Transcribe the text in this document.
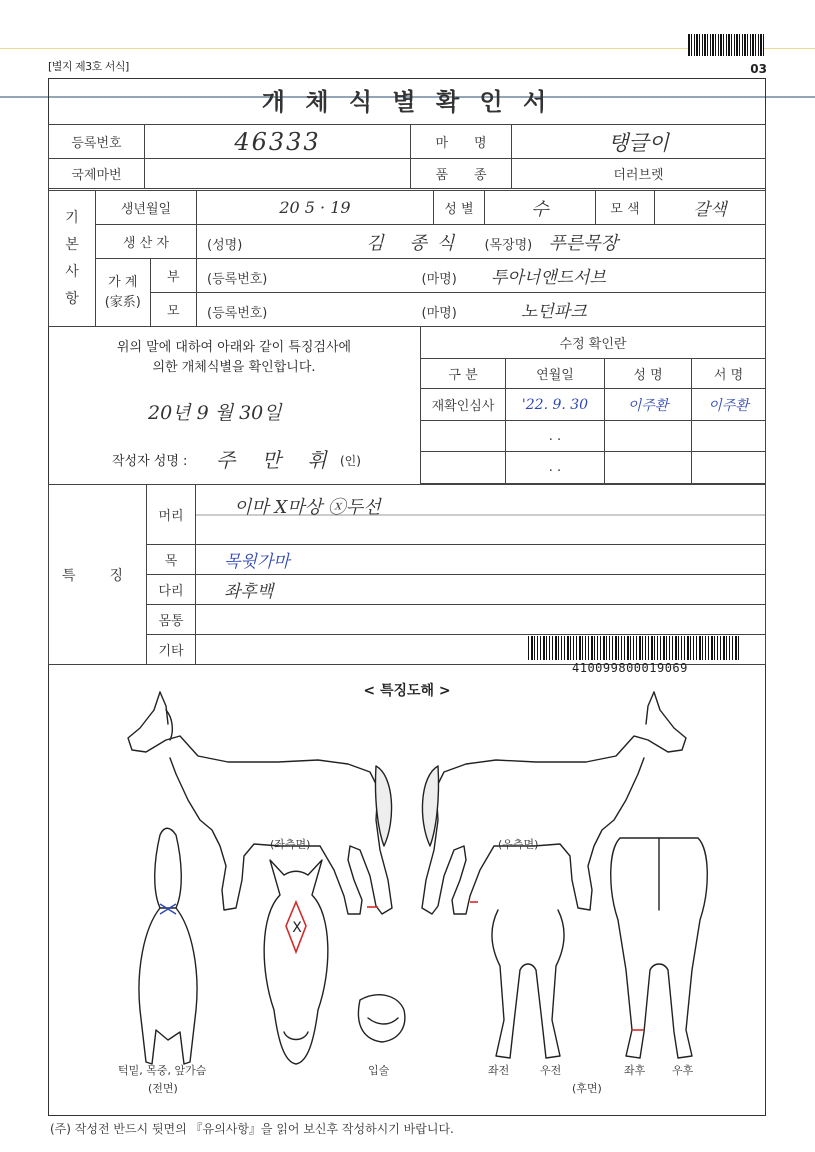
[별지 제3호 서식]	03
개 체 식 별 확 인 서
등록번호	46333	마　　명	탱글이
국제마번		품　　종	더러브렛
기 본 사 항	생년월일		20 5 · 19	성 별	수	모 색	갈색
	생 산 자		(성명) 김 종식 (목장명) 푸른목장				

	가 계
(家系)	부	(등록번호) (마명) 투아너앤드서브				
		모	(등록번호) (마명) 노던파크				
위의 말에 대하여 아래와 같이 특징검사에
의한 개체식별을 확인합니다.
20년 9 월 30일
작성자 성명 : 주 만 휘 (인)
수정 확인란			
구 분	연월일	성 명	서 명
재확인심사	'22. 9. 30	이주환	이주환
	. .		
	. .		
특　징	머리	이마 X마상 ⓧ두선
	목	목윗가마
	다리	좌후백
	몸통	
	기타	
410099800019069
< 특징도해 >
X
(좌측면)	(우측면)
턱밑, 목중, 앞가슴
(전면)
입술	좌전	우전	좌후 우후
(후면)
(주) 작성전 반드시 뒷면의 『유의사항』을 읽어 보신후 작성하시기 바랍니다.
